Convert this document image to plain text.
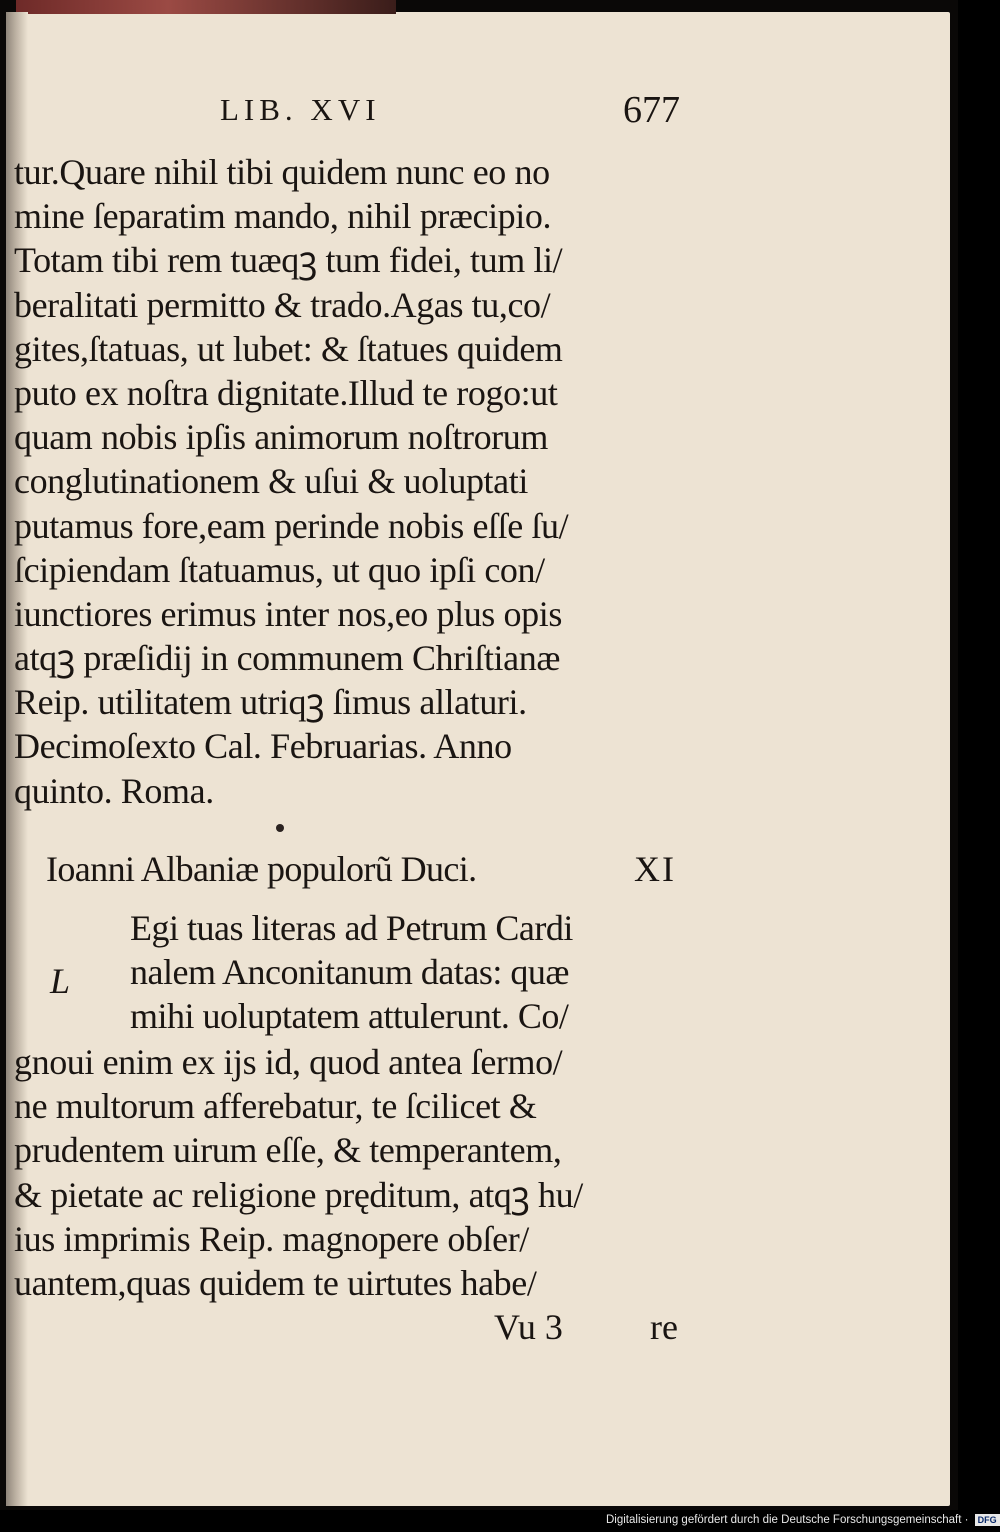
LIB. XVI	677
tur.Quare nihil tibi quidem nunc eo no
mine ſeparatim mando, nihil præcipio.
Totam tibi rem tuæqꝫ tum fidei, tum li/
beralitati permitto & trado.Agas tu,co/
gites,ſtatuas, ut lubet: & ſtatues quidem
puto ex noſtra dignitate.Illud te rogo:ut
quam nobis ipſis animorum noſtrorum
conglutinationem & uſui & uoluptati
putamus fore,eam perinde nobis eſſe ſu/
ſcipiendam ſtatuamus, ut quo ipſi con/
iunctiores erimus inter nos,eo plus opis
atqꝫ præſidij in communem Chriſtianæ
Reip. utilitatem utriqꝫ ſimus allaturi.
Decimoſexto Cal. Februarias. Anno
quinto. Roma.
Ioanni Albaniæ populorũ Duci.	XI
L
Egi tuas literas ad Petrum Cardi
nalem Anconitanum datas: quæ
mihi uoluptatem attulerunt. Co/
gnoui enim ex ijs id, quod antea ſermo/
ne multorum afferebatur, te ſcilicet &
prudentem uirum eſſe, & temperantem,
& pietate ac religione pręditum, atqꝫ hu/
ius imprimis Reip. magnopere obſer/
uantem,quas quidem te uirtutes habe/
Vu 3 re
Digitalisierung gefördert durch die Deutsche Forschungsgemeinschaft · DFG
